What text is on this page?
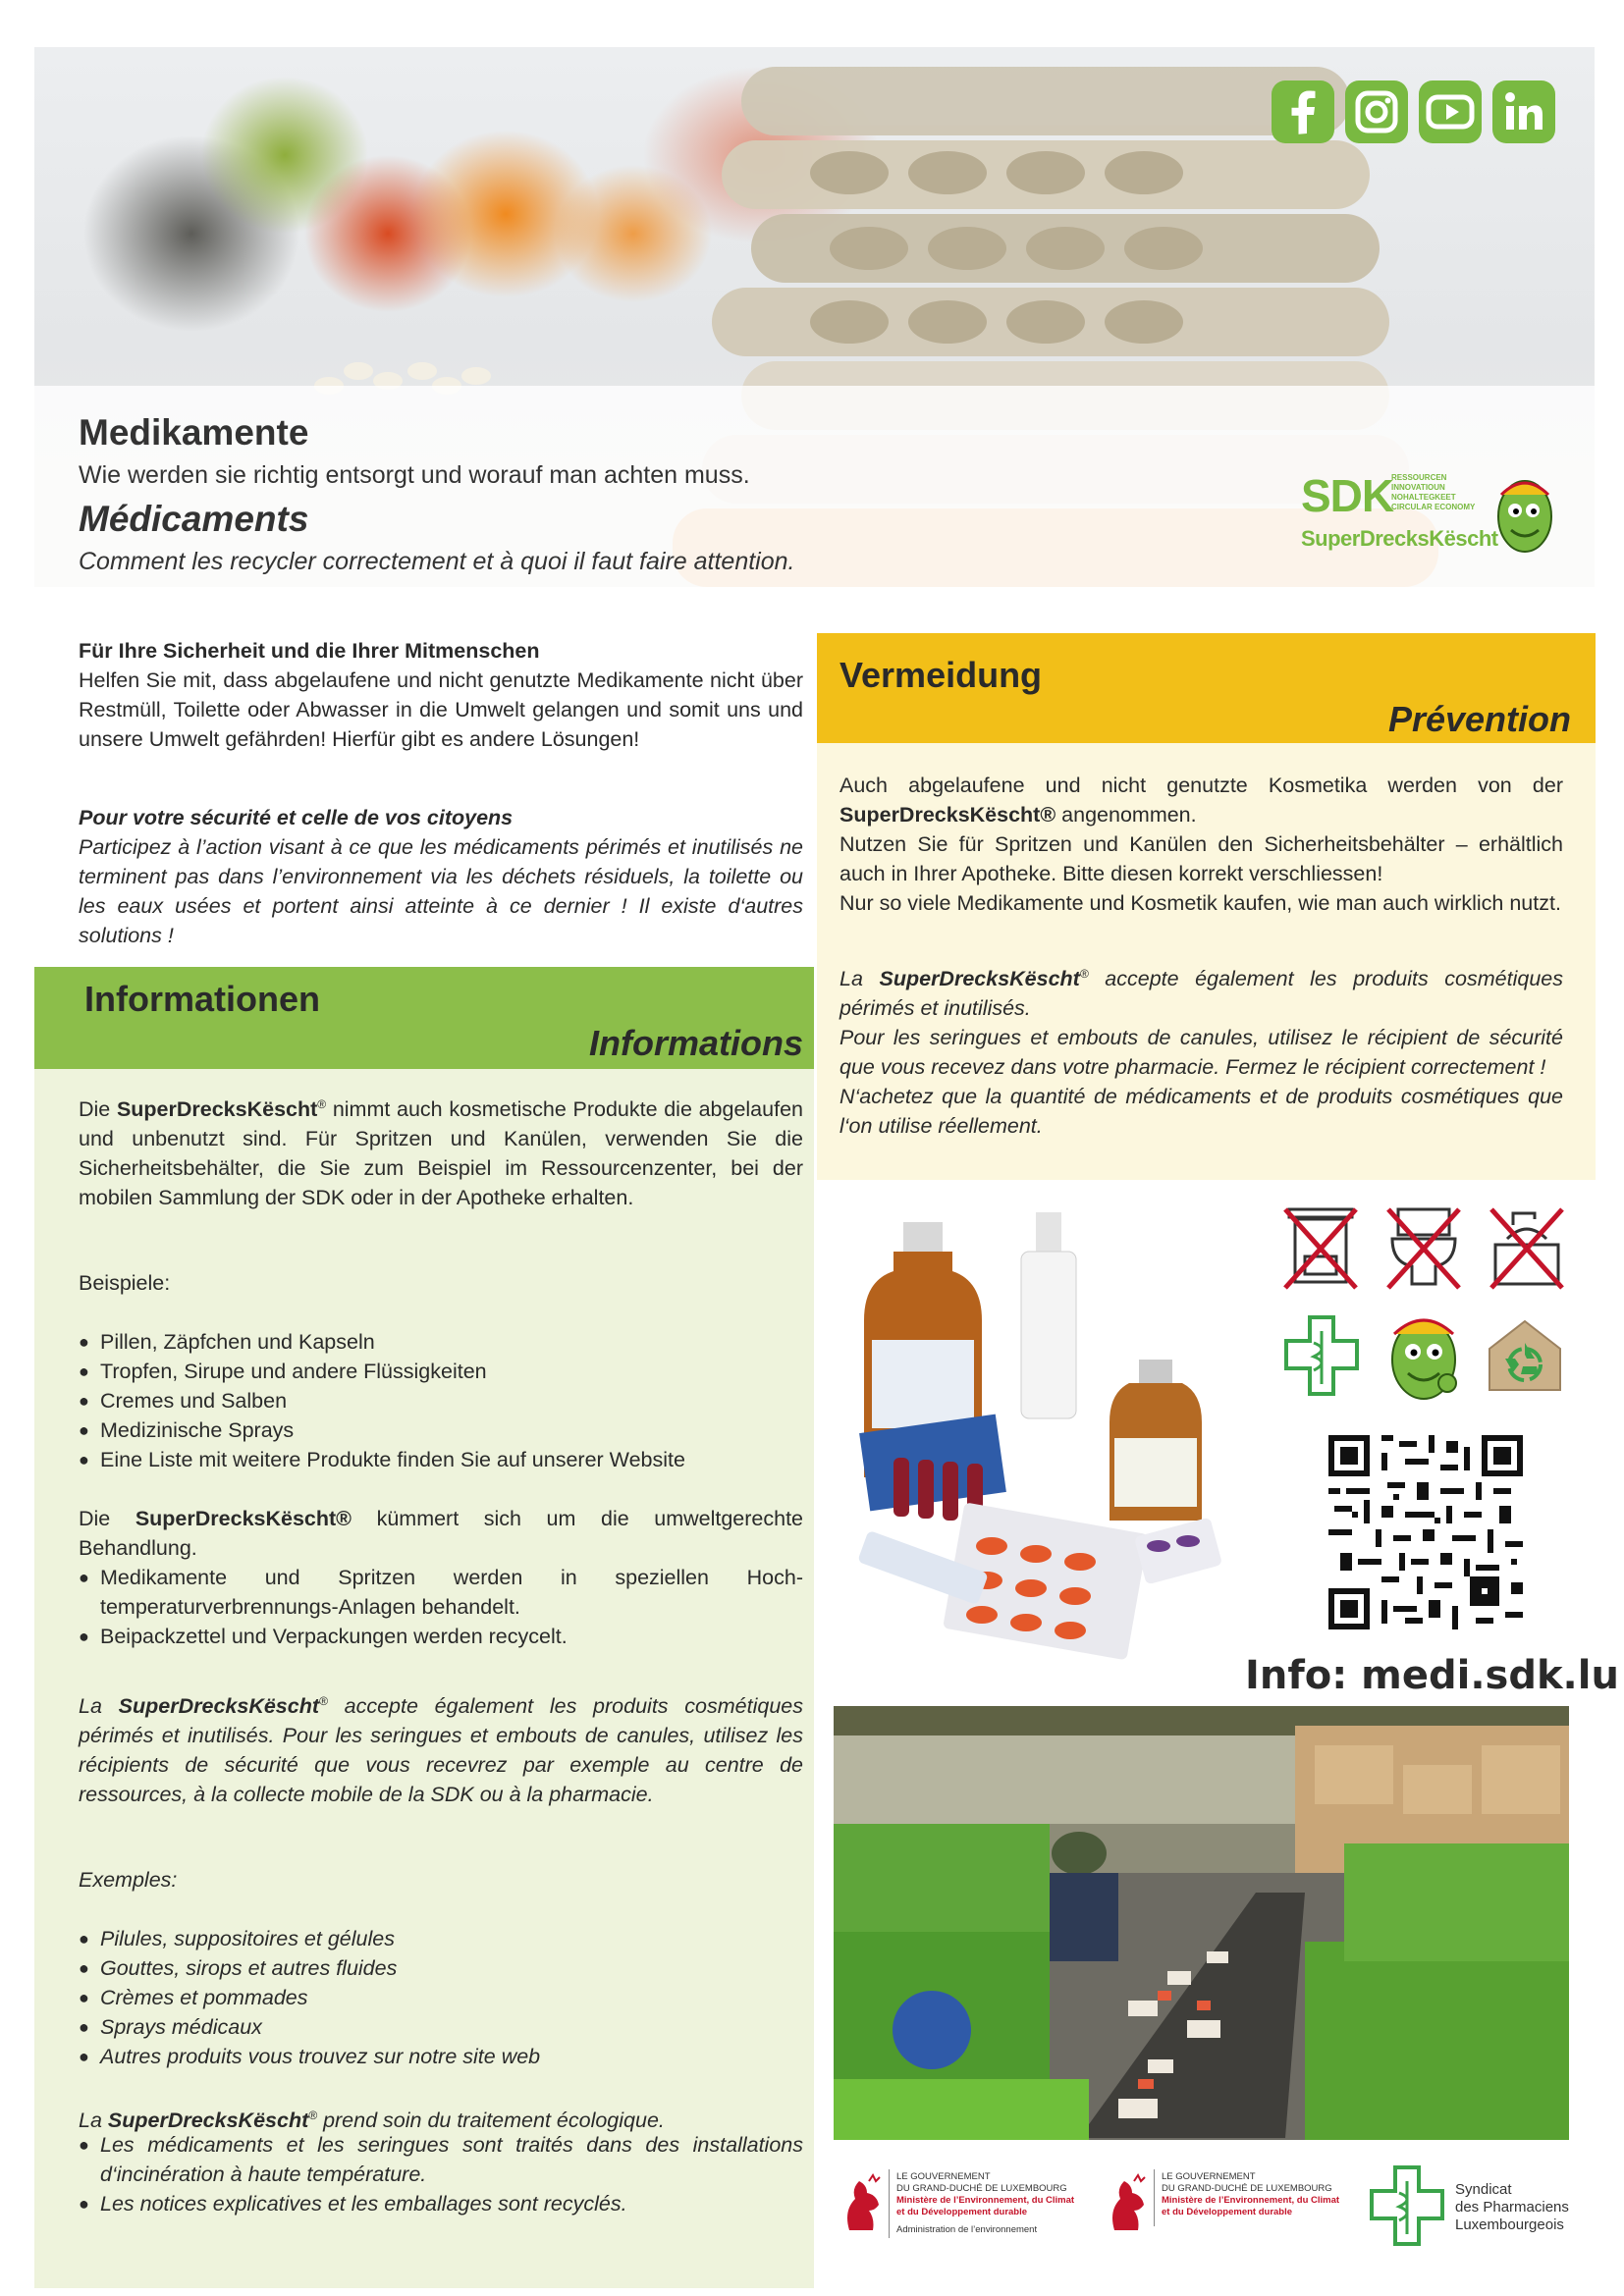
Medikamente
Wie werden sie richtig entsorgt und worauf man achten muss.
Médicaments
Comment les recycler correctement et à quoi il faut faire attention.
SDK
RESSOURCEN
INNOVATIOUN
NOHALTEGKEET
CIRCULAR ECONOMY
SuperDrecksKëscht
Für Ihre Sicherheit und die Ihrer Mitmenschen
Helfen Sie mit, dass abgelaufene und nicht genutzte Medikamente nicht über Restmüll, Toilette oder Abwasser in die Umwelt gelangen und somit uns und unsere Umwelt gefährden! Hierfür gibt es andere Lösungen!
Pour votre sécurité et celle de vos citoyens
Participez à l’action visant à ce que les médicaments périmés et inutilisés ne terminent pas dans l’environnement via les déchets résiduels, la toilette ou les eaux usées et portent ainsi atteinte à ce dernier ! Il existe d‘autres solutions !
Informationen
Informations
Die SuperDrecksKëscht® nimmt auch kosmetische Produkte die abgelaufen und unbenutzt sind. Für Spritzen und Kanülen, verwenden Sie die Sicherheitsbehälter, die Sie zum Beispiel im Ressourcenzenter, bei der mobilen Sammlung der SDK oder in der Apotheke erhalten.
Beispiele:
● Pillen, Zäpfchen und Kapseln
● Tropfen, Sirupe und andere Flüssigkeiten
● Cremes und Salben
● Medizinische Sprays
● Eine Liste mit weitere Produkte finden Sie auf unserer Website
Die SuperDrecksKëscht® kümmert sich um die umweltgerechte Behandlung.
● Medikamente und Spritzen werden in speziellen Hoch-temperaturverbrennungs-Anlagen behandelt.
● Beipackzettel und Verpackungen werden recycelt.
La SuperDrecksKëscht® accepte également les produits cosmétiques périmés et inutilisés. Pour les seringues et embouts de canules, utilisez les récipients de sécurité que vous recevrez par exemple au centre de ressources, à la collecte mobile de la SDK ou à la pharmacie.
Exemples:
● Pilules, suppositoires et gélules
● Gouttes, sirops et autres fluides
● Crèmes et pommades
● Sprays médicaux
● Autres produits vous trouvez sur notre site web
La SuperDrecksKëscht® prend soin du traitement écologique.
● Les médicaments et les seringues sont traités dans des installations d‘incinération à haute température.
● Les notices explicatives et les emballages sont recyclés.
Vermeidung
Prévention
Auch abgelaufene und nicht genutzte Kosmetika werden von der SuperDrecksKëscht® angenommen.
Nutzen Sie für Spritzen und Kanülen den Sicherheitsbehälter – erhältlich auch in Ihrer Apotheke. Bitte diesen korrekt verschliessen!
Nur so viele Medikamente und Kosmetik kaufen, wie man auch wirklich nutzt.
La SuperDrecksKëscht® accepte également les produits cosmétiques périmés et inutilisés.
Pour les seringues et embouts de canules, utilisez le récipient de sécurité que vous recevez dans votre pharmacie. Fermez le récipient correctement !
N‘achetez que la quantité de médicaments et de produits cosmétiques que l‘on utilise réellement.
Info: medi.sdk.lu
LE GOUVERNEMENT
DU GRAND-DUCHÉ DE LUXEMBOURG
Ministère de l’Environnement, du Climat
et du Développement durable
Administration de l’environnement
LE GOUVERNEMENT
DU GRAND-DUCHÉ DE LUXEMBOURG
Ministère de l’Environnement, du Climat
et du Développement durable
Syndicat
des Pharmaciens
Luxembourgeois
